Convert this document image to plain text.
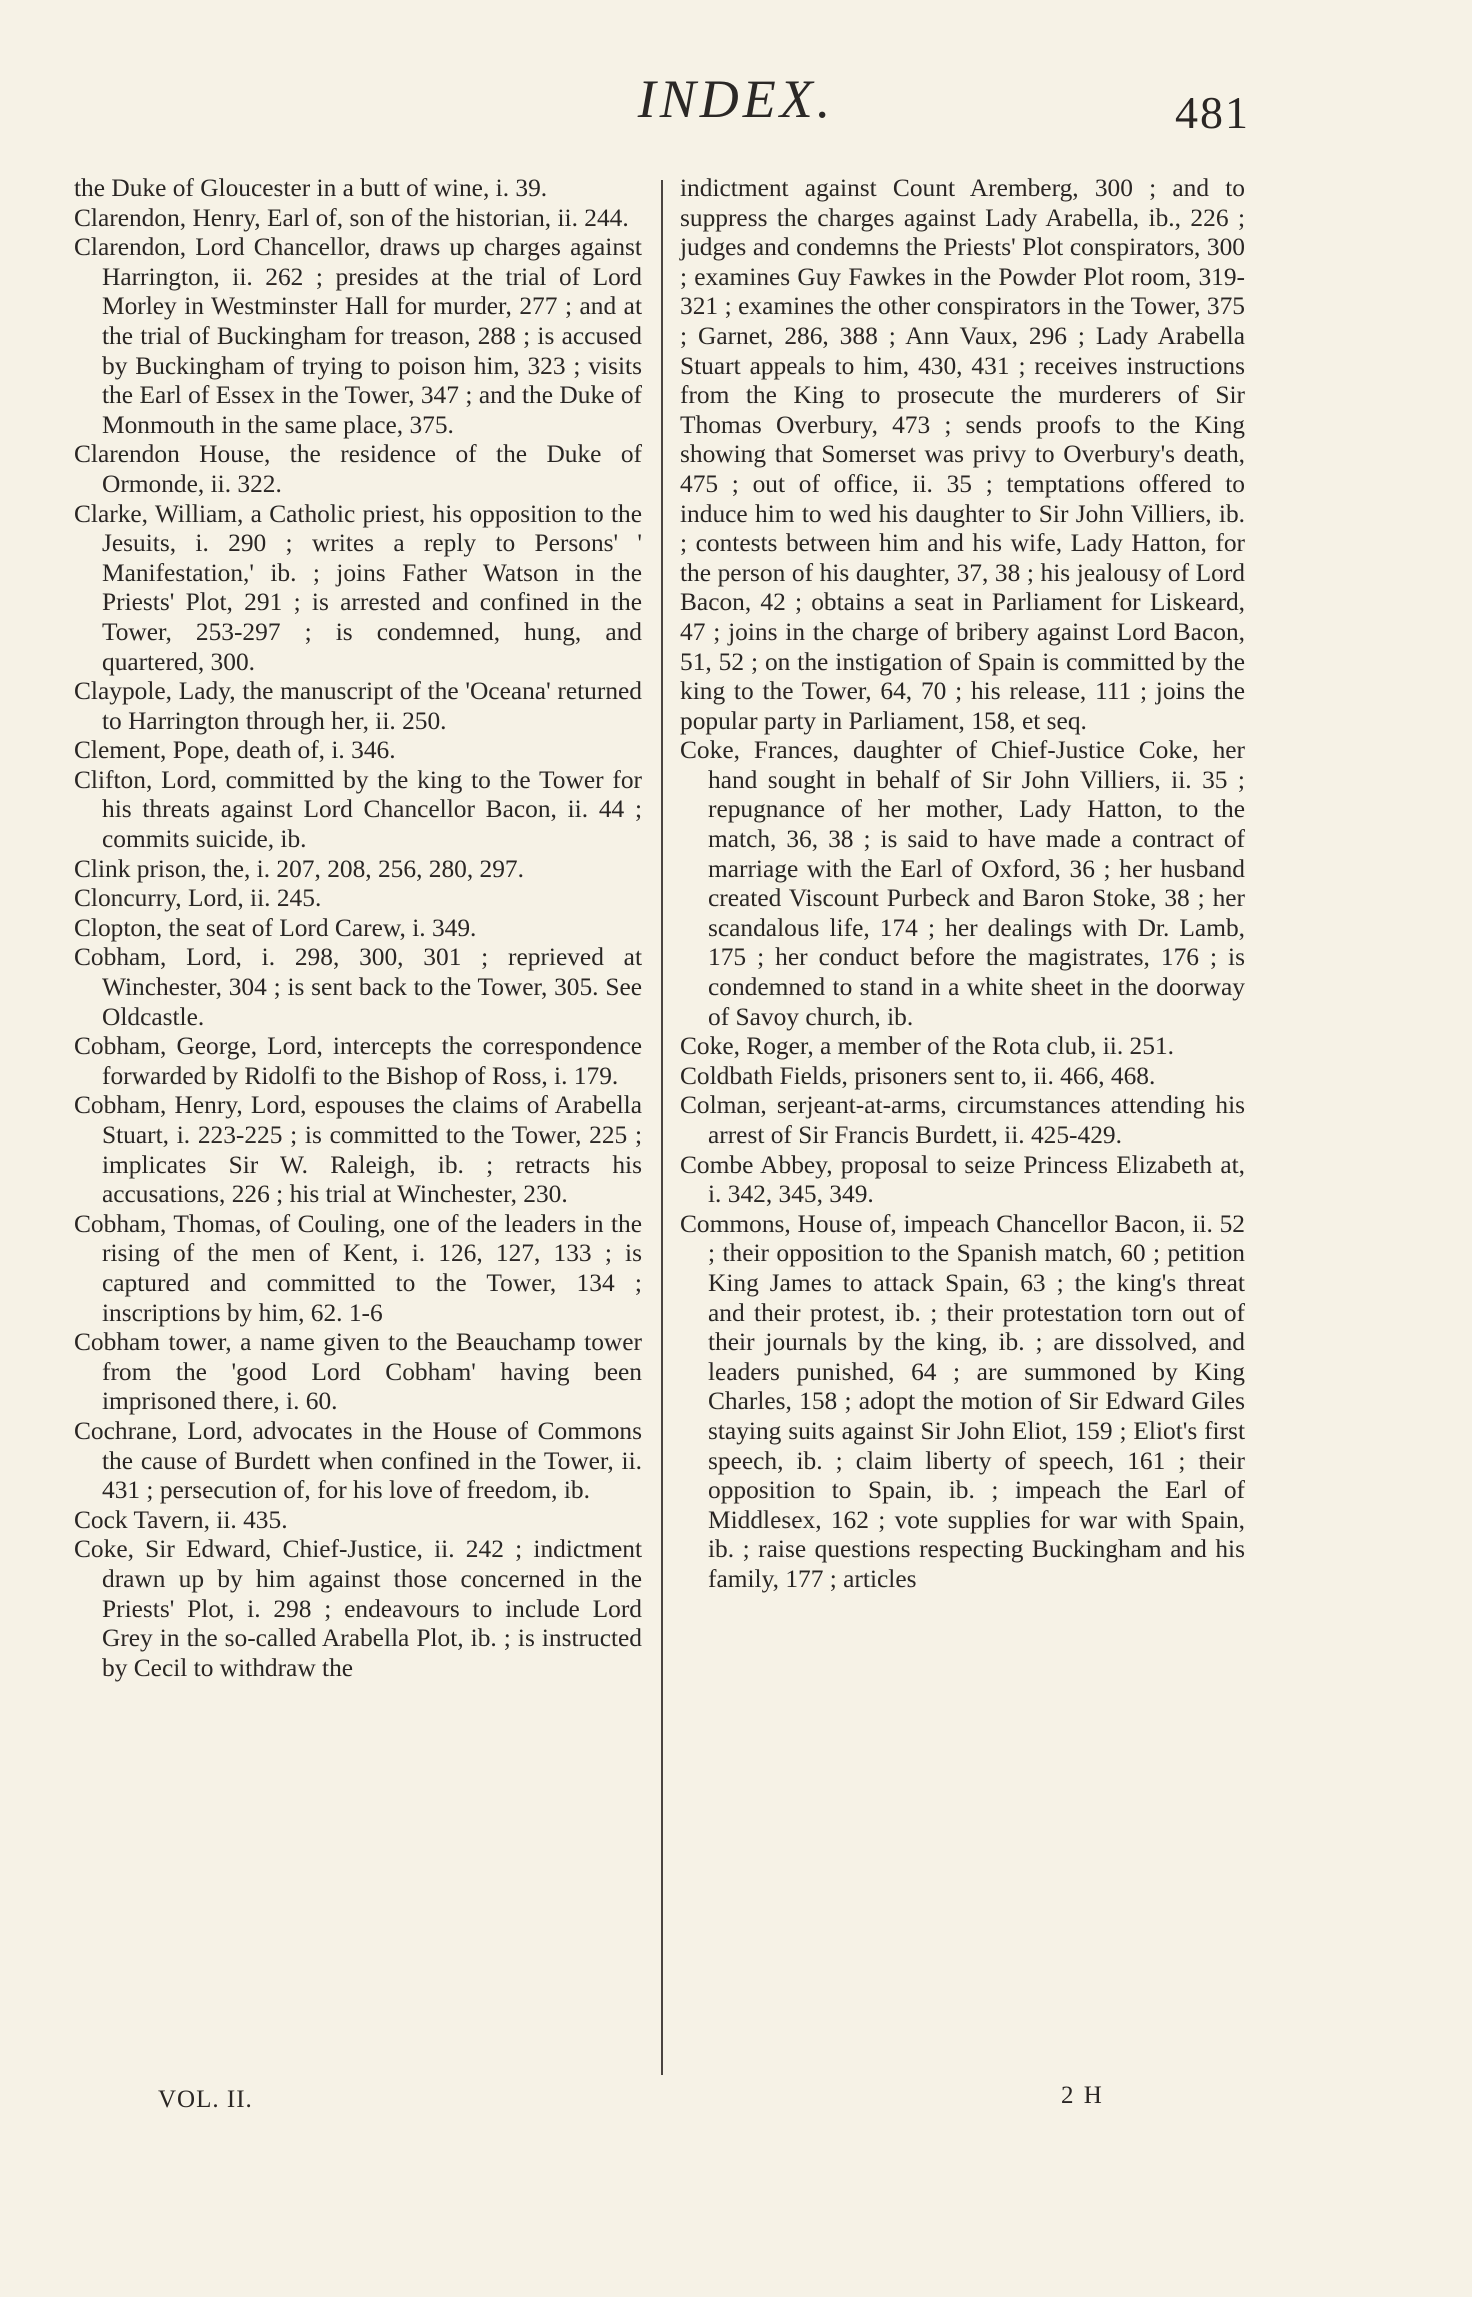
INDEX.	481

the Duke of Gloucester in a butt of wine, i. 39.

Clarendon, Henry, Earl of, son of the historian, ii. 244.

Clarendon, Lord Chancellor, draws up charges against Harrington, ii. 262 ; presides at the trial of Lord Morley in Westminster Hall for murder, 277 ; and at the trial of Buckingham for treason, 288 ; is accused by Buckingham of trying to poison him, 323 ; visits the Earl of Essex in the Tower, 347 ; and the Duke of Monmouth in the same place, 375.

Clarendon House, the residence of the Duke of Ormonde, ii. 322.

Clarke, William, a Catholic priest, his opposition to the Jesuits, i. 290 ; writes a reply to Persons' ' Manifestation,' ib. ; joins Father Watson in the Priests' Plot, 291 ; is arrested and confined in the Tower, 253-297 ; is condemned, hung, and quartered, 300.

Claypole, Lady, the manuscript of the 'Oceana' returned to Harrington through her, ii. 250.

Clement, Pope, death of, i. 346.

Clifton, Lord, committed by the king to the Tower for his threats against Lord Chancellor Bacon, ii. 44 ; commits suicide, ib.

Clink prison, the, i. 207, 208, 256, 280, 297.

Cloncurry, Lord, ii. 245.

Clopton, the seat of Lord Carew, i. 349.

Cobham, Lord, i. 298, 300, 301 ; reprieved at Winchester, 304 ; is sent back to the Tower, 305. See Oldcastle.

Cobham, George, Lord, intercepts the correspondence forwarded by Ridolfi to the Bishop of Ross, i. 179.

Cobham, Henry, Lord, espouses the claims of Arabella Stuart, i. 223-225 ; is committed to the Tower, 225 ; implicates Sir W. Raleigh, ib. ; retracts his accusations, 226 ; his trial at Winchester, 230.

Cobham, Thomas, of Couling, one of the leaders in the rising of the men of Kent, i. 126, 127, 133 ; is captured and committed to the Tower, 134 ; inscriptions by him, 62. 1-6

Cobham tower, a name given to the Beauchamp tower from the 'good Lord Cobham' having been imprisoned there, i. 60.

Cochrane, Lord, advocates in the House of Commons the cause of Burdett when confined in the Tower, ii. 431 ; persecution of, for his love of freedom, ib.

Cock Tavern, ii. 435.

Coke, Sir Edward, Chief-Justice, ii. 242 ; indictment drawn up by him against those concerned in the Priests' Plot, i. 298 ; endeavours to include Lord Grey in the so-called Arabella Plot, ib. ; is instructed by Cecil to withdraw the

indictment against Count Aremberg, 300 ; and to suppress the charges against Lady Arabella, ib., 226 ; judges and condemns the Priests' Plot conspirators, 300 ; examines Guy Fawkes in the Powder Plot room, 319-321 ; examines the other conspirators in the Tower, 375 ; Garnet, 286, 388 ; Ann Vaux, 296 ; Lady Arabella Stuart appeals to him, 430, 431 ; receives instructions from the King to prosecute the murderers of Sir Thomas Overbury, 473 ; sends proofs to the King showing that Somerset was privy to Overbury's death, 475 ; out of office, ii. 35 ; temptations offered to induce him to wed his daughter to Sir John Villiers, ib. ; contests between him and his wife, Lady Hatton, for the person of his daughter, 37, 38 ; his jealousy of Lord Bacon, 42 ; obtains a seat in Parliament for Liskeard, 47 ; joins in the charge of bribery against Lord Bacon, 51, 52 ; on the instigation of Spain is committed by the king to the Tower, 64, 70 ; his release, 111 ; joins the popular party in Parliament, 158, et seq.

Coke, Frances, daughter of Chief-Justice Coke, her hand sought in behalf of Sir John Villiers, ii. 35 ; repugnance of her mother, Lady Hatton, to the match, 36, 38 ; is said to have made a contract of marriage with the Earl of Oxford, 36 ; her husband created Viscount Purbeck and Baron Stoke, 38 ; her scandalous life, 174 ; her dealings with Dr. Lamb, 175 ; her conduct before the magistrates, 176 ; is condemned to stand in a white sheet in the doorway of Savoy church, ib.

Coke, Roger, a member of the Rota club, ii. 251.

Coldbath Fields, prisoners sent to, ii. 466, 468.

Colman, serjeant-at-arms, circumstances attending his arrest of Sir Francis Burdett, ii. 425-429.

Combe Abbey, proposal to seize Princess Elizabeth at, i. 342, 345, 349.

Commons, House of, impeach Chancellor Bacon, ii. 52 ; their opposition to the Spanish match, 60 ; petition King James to attack Spain, 63 ; the king's threat and their protest, ib. ; their protestation torn out of their journals by the king, ib. ; are dissolved, and leaders punished, 64 ; are summoned by King Charles, 158 ; adopt the motion of Sir Edward Giles staying suits against Sir John Eliot, 159 ; Eliot's first speech, ib. ; claim liberty of speech, 161 ; their opposition to Spain, ib. ; impeach the Earl of Middlesex, 162 ; vote supplies for war with Spain, ib. ; raise questions respecting Buckingham and his family, 177 ; articles

VOL. II.	2 H
